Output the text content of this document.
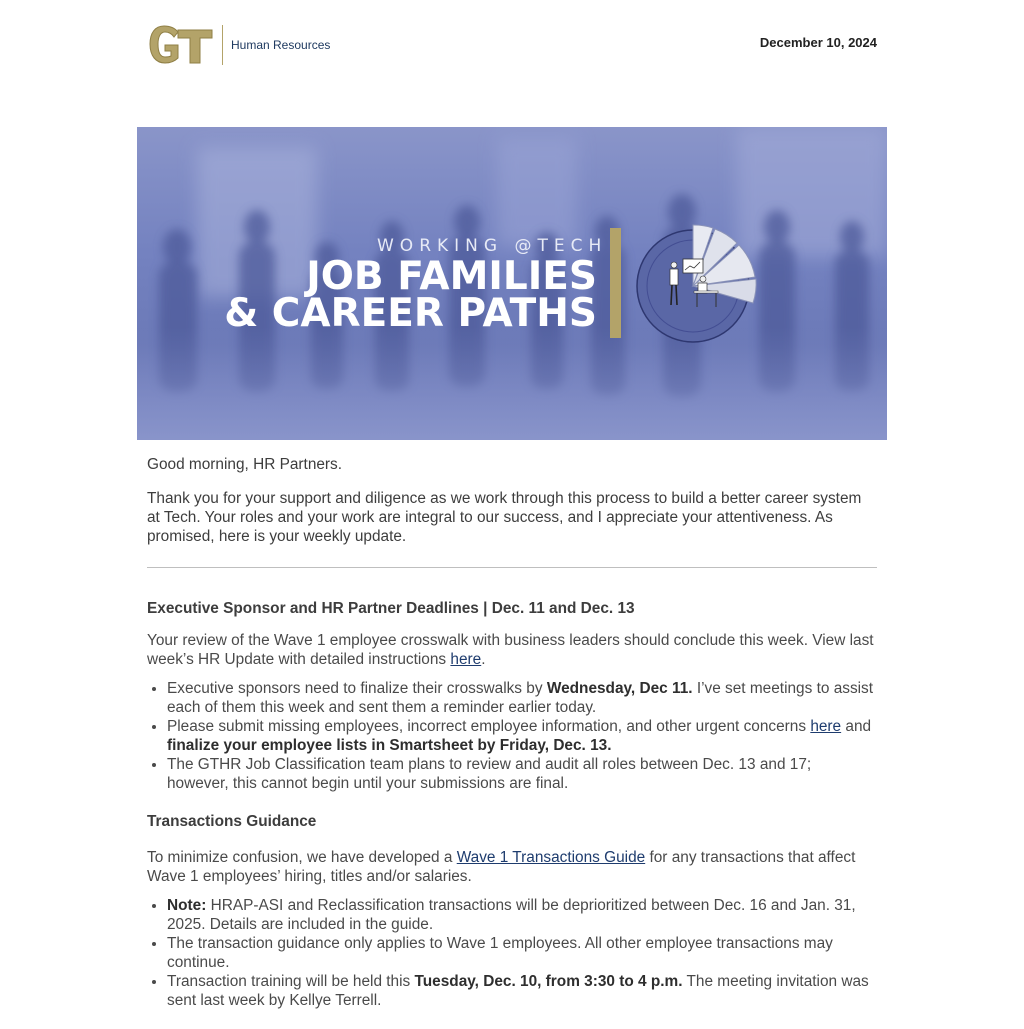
Human Resources	December 10, 2024
WORKING @TECH
JOB FAMILIES
& CAREER PATHS
Good morning, HR Partners.
Thank you for your support and diligence as we work through this process to build a better career system at Tech. Your roles and your work are integral to our success, and I appreciate your attentiveness. As promised, here is your weekly update.
Executive Sponsor and HR Partner Deadlines | Dec. 11 and Dec. 13
Your review of the Wave 1 employee crosswalk with business leaders should conclude this week. View last week’s HR Update with detailed instructions here.
• Executive sponsors need to finalize their crosswalks by Wednesday, Dec 11. I’ve set meetings to assist each of them this week and sent them a reminder earlier today.
• Please submit missing employees, incorrect employee information, and other urgent concerns here and finalize your employee lists in Smartsheet by Friday, Dec. 13.
• The GTHR Job Classification team plans to review and audit all roles between Dec. 13 and 17; however, this cannot begin until your submissions are final.
Transactions Guidance
To minimize confusion, we have developed a Wave 1 Transactions Guide for any transactions that affect Wave 1 employees’ hiring, titles and/or salaries.
• Note: HRAP-ASI and Reclassification transactions will be deprioritized between Dec. 16 and Jan. 31, 2025. Details are included in the guide.
• The transaction guidance only applies to Wave 1 employees. All other employee transactions may continue.
• Transaction training will be held this Tuesday, Dec. 10, from 3:30 to 4 p.m. The meeting invitation was sent last week by Kellye Terrell.
